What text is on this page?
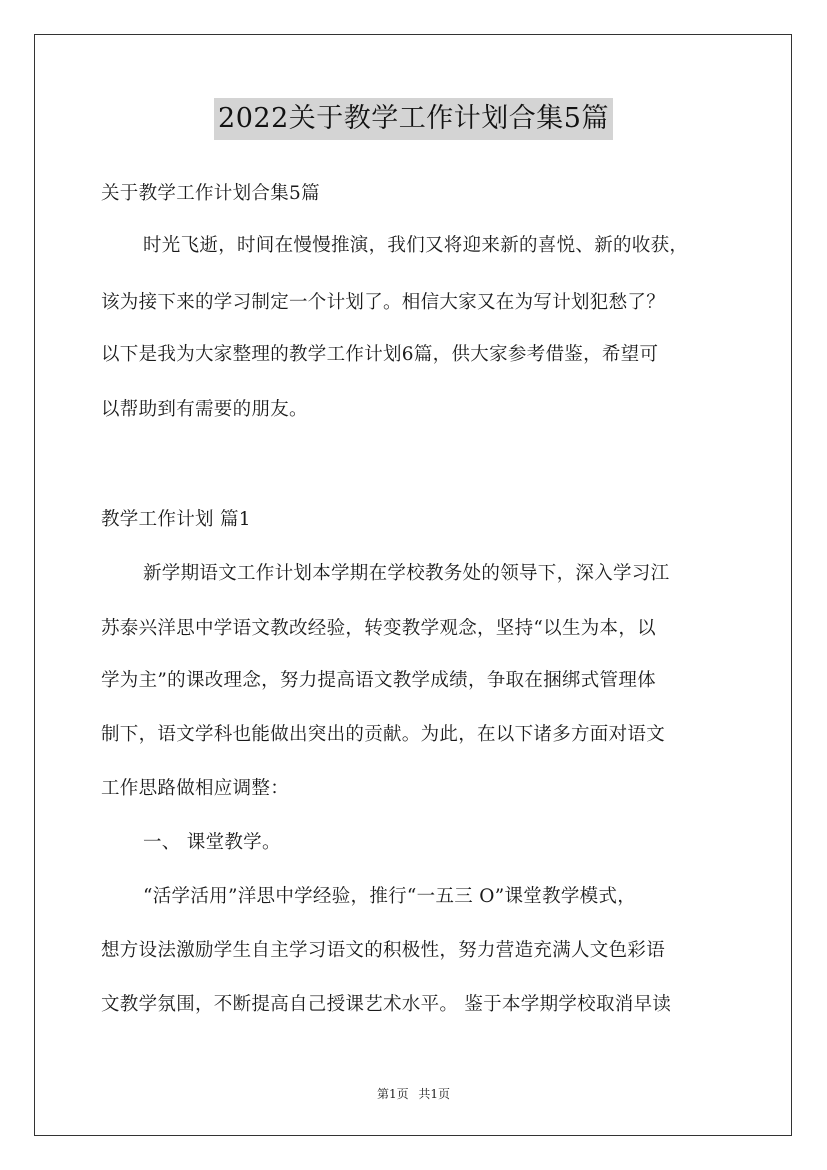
2022关于教学工作计划合集5篇
关于教学工作计划合集5篇
时光飞逝，时间在慢慢推演，我们又将迎来新的喜悦、新的收获，
该为接下来的学习制定一个计划了。相信大家又在为写计划犯愁了？
以下是我为大家整理的教学工作计划6篇，供大家参考借鉴，希望可
以帮助到有需要的朋友。
教学工作计划 篇1
新学期语文工作计划本学期在学校教务处的领导下，深入学习江
苏泰兴洋思中学语文教改经验，转变教学观念，坚持“以生为本，以
学为主”的课改理念，努力提高语文教学成绩，争取在捆绑式管理体
制下，语文学科也能做出突出的贡献。为此，在以下诸多方面对语文
工作思路做相应调整：
一、 课堂教学。
“活学活用”洋思中学经验，推行“一五三 O”课堂教学模式，
想方设法激励学生自主学习语文的积极性，努力营造充满人文色彩语
文教学氛围，不断提高自己授课艺术水平。 鉴于本学期学校取消早读
第1页 共1页
